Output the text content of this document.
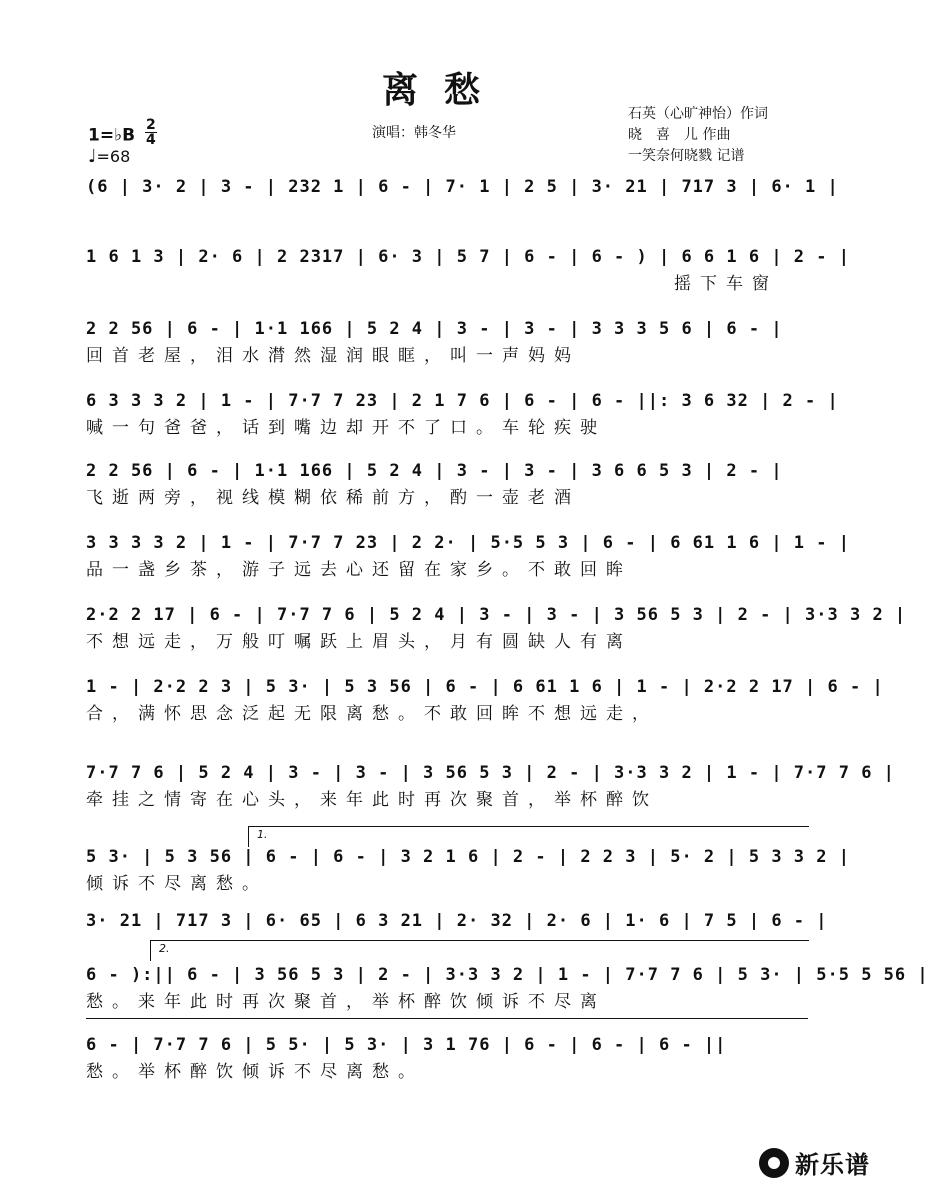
离愁
1=♭B $\frac{2}{4}$
♩=68
演唱：韩冬华
石英（心旷神怡）作词
晓　喜　儿 作曲
一笑奈何晓戮 记谱
(6 | 3· 2 | 3 - | 232 1 | 6 - | 7· 1 | 2 5 | 3· 21 | 717 3 | 6· 1 |
1 6 1 3 | 2· 6 | 2 2317 | 6· 3 | 5 7 | 6 - | 6 - ) | 6 6 1 6 | 2 - |
摇下车窗
2 2 56 | 6 - | 1·1 166 | 5 2 4 | 3 - | 3 - | 3 3 3 5 6 | 6 - |
回首老屋，泪水潸然湿润眼眶，叫一声妈妈
6 3 3 3 2 | 1 - | 7·7 7 23 | 2 1 7 6 | 6 - | 6 - ||: 3 6 32 | 2 - |
喊一句爸爸，话到嘴边却开不了口。车轮疾驶
2 2 56 | 6 - | 1·1 166 | 5 2 4 | 3 - | 3 - | 3 6 6 5 3 | 2 - |
飞逝两旁，视线模糊依稀前方，酌一壶老酒
3 3 3 3 2 | 1 - | 7·7 7 23 | 2 2· | 5·5 5 3 | 6 - | 6 61 1 6 | 1 - |
品一盏乡茶，游子远去心还留在家乡。不敢回眸
2·2 2 17 | 6 - | 7·7 7 6 | 5 2 4 | 3 - | 3 - | 3 56 5 3 | 2 - | 3·3 3 2 |
不想远走，万般叮嘱跃上眉头，月有圆缺人有离
1 - | 2·2 2 3 | 5 3· | 5 3 56 | 6 - | 6 61 1 6 | 1 - | 2·2 2 17 | 6 - |
合，满怀思念泛起无限离愁。不敢回眸不想远走，
7·7 7 6 | 5 2 4 | 3 - | 3 - | 3 56 5 3 | 2 - | 3·3 3 2 | 1 - | 7·7 7 6 |
牵挂之情寄在心头，来年此时再次聚首，举杯醉饮
5 3· | 5 3 56 | 6 - | 6 - | 3 2 1 6 | 2 - | 2 2 3 | 5· 2 | 5 3 3 2 |
倾诉不尽离愁。
3· 21 | 717 3 | 6· 65 | 6 3 21 | 2· 32 | 2· 6 | 1· 6 | 7 5 | 6 - |
6 - ):|| 6 - | 3 56 5 3 | 2 - | 3·3 3 2 | 1 - | 7·7 7 6 | 5 3· | 5·5 5 56 |
愁。来年此时再次聚首，举杯醉饮倾诉不尽离
6 - | 7·7 7 6 | 5 5· | 5 3· | 3 1 76 | 6 - | 6 - | 6 - ||
愁。举杯醉饮倾诉不尽离愁。
1.
2.
新乐谱
